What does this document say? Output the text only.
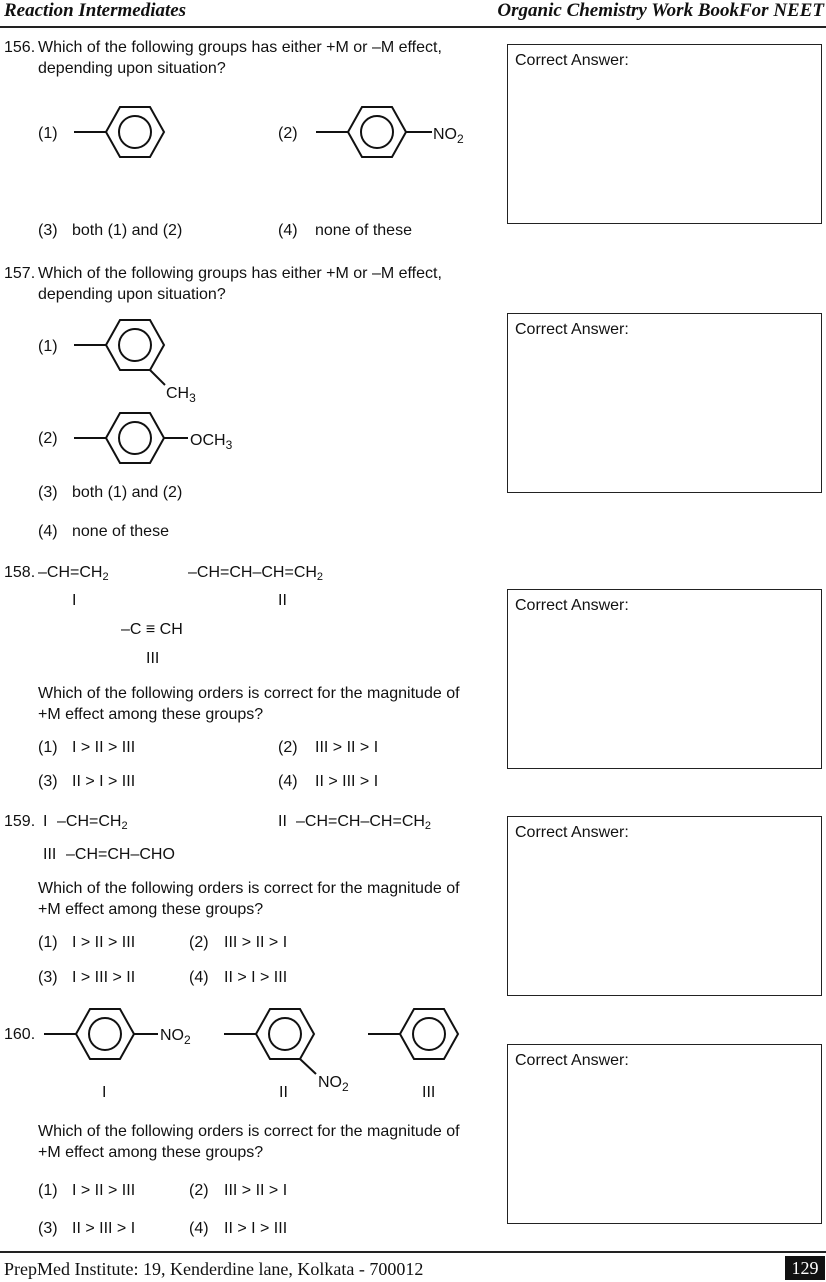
Reaction Intermediates	Organic Chemistry Work BookFor NEET
156. Which of the following groups has either +M or –M effect, depending upon situation?
(1)	(2)	$NO_2$
(3) both (1) and (2)	(4) none of these
Correct Answer:
157. Which of the following groups has either +M or –M effect, depending upon situation?
(1)
$CH_3$
(2)	$OCH_3$
(3) both (1) and (2)
(4) none of these
Correct Answer:
158. $-CH=CH_2$	$-CH=CH-CH=CH_2$
I	II
–C ≡ CH
III
Which of the following orders is correct for the magnitude of +M effect among these groups?
(1) I > II > III	(2) III > II > I
(3) II > I > III	(4) II > III > I
Correct Answer:
159. I $-CH=CH_2$	II $-CH=CH-CH=CH_2$
III –CH=CH–CHO
Which of the following orders is correct for the magnitude of +M effect among these groups?
(1) I > II > III	(2) III > II > I
(3) I > III > II	(4) II > I > III
Correct Answer:
160.	$NO_2$
I
$NO_2$
II	III
Which of the following orders is correct for the magnitude of +M effect among these groups?
(1) I > II > III	(2) III > II > I
(3) II > III > I	(4) II > I > III
Correct Answer:
PrepMed Institute: 19, Kenderdine lane, Kolkata - 700012	129
